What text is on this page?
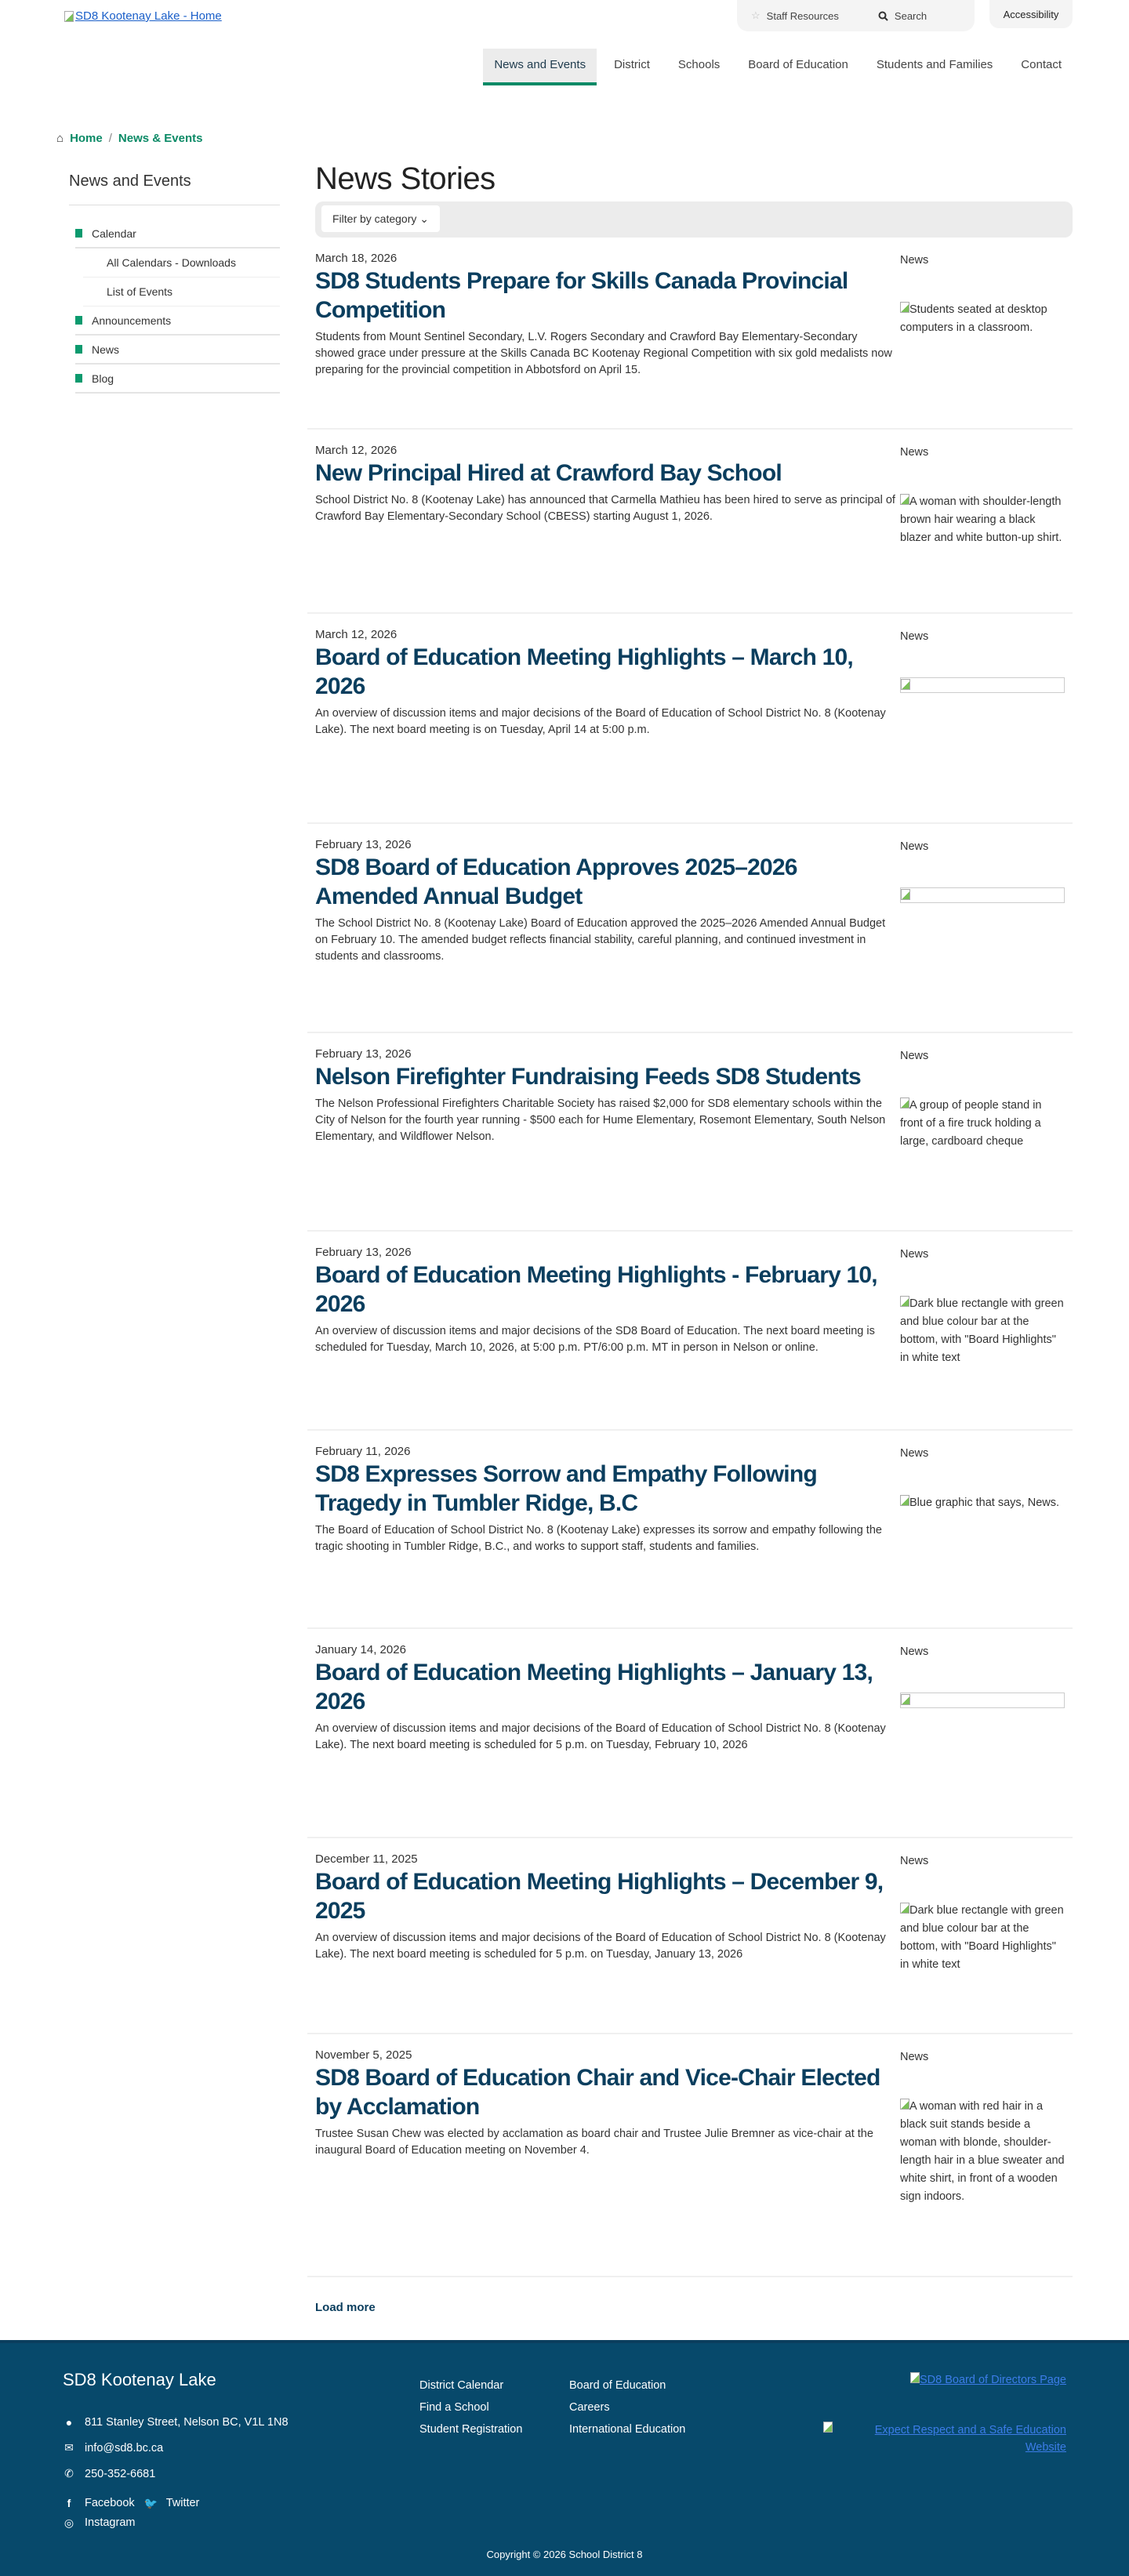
SD8 Kootenay Lake - Home	☆ Staff Resources	Search	Accessibility
News and Events	District	Schools	Board of Education	Students and Families	Contact
⌂ Home / News & Events
News and Events
Calendar
All Calendars - Downloads
List of Events
Announcements
News
Blog
News Stories
Filter by category ⌄
March 18, 2026
SD8 Students Prepare for Skills Canada Provincial Competition

Students from Mount Sentinel Secondary, L.V. Rogers Secondary and Crawford Bay Elementary-Secondary showed grace under pressure at the Skills Canada BC Kootenay Regional Competition with six gold medalists now preparing for the provincial competition in Abbotsford on April 15.

News
Students seated at desktop computers in a classroom.
March 12, 2026
New Principal Hired at Crawford Bay School

School District No. 8 (Kootenay Lake) has announced that Carmella Mathieu has been hired to serve as principal of Crawford Bay Elementary-Secondary School (CBESS) starting August 1, 2026.

News
A woman with shoulder-length brown hair wearing a black blazer and white button-up shirt.
March 12, 2026
Board of Education Meeting Highlights – March 10, 2026

An overview of discussion items and major decisions of the Board of Education of School District No. 8 (Kootenay Lake). The next board meeting is on Tuesday, April 14 at 5:00 p.m.

News
February 13, 2026
SD8 Board of Education Approves 2025–2026 Amended Annual Budget

The School District No. 8 (Kootenay Lake) Board of Education approved the 2025–2026 Amended Annual Budget on February 10. The amended budget reflects financial stability, careful planning, and continued investment in students and classrooms.

News
February 13, 2026
Nelson Firefighter Fundraising Feeds SD8 Students

The Nelson Professional Firefighters Charitable Society has raised $2,000 for SD8 elementary schools within the City of Nelson for the fourth year running - $500 each for Hume Elementary, Rosemont Elementary, South Nelson Elementary, and Wildflower Nelson.

News
A group of people stand in front of a fire truck holding a large, cardboard cheque
February 13, 2026
Board of Education Meeting Highlights - February 10, 2026

An overview of discussion items and major decisions of the SD8 Board of Education. The next board meeting is scheduled for Tuesday, March 10, 2026, at 5:00 p.m. PT/6:00 p.m. MT in person in Nelson or online.

News
Dark blue rectangle with green and blue colour bar at the bottom, with "Board Highlights" in white text
February 11, 2026
SD8 Expresses Sorrow and Empathy Following Tragedy in Tumbler Ridge, B.C

The Board of Education of School District No. 8 (Kootenay Lake) expresses its sorrow and empathy following the tragic shooting in Tumbler Ridge, B.C., and works to support staff, students and families.

News
Blue graphic that says, News.
January 14, 2026
Board of Education Meeting Highlights – January 13, 2026

An overview of discussion items and major decisions of the Board of Education of School District No. 8 (Kootenay Lake). The next board meeting is scheduled for 5 p.m. on Tuesday, February 10, 2026

News
December 11, 2025
Board of Education Meeting Highlights – December 9, 2025

An overview of discussion items and major decisions of the Board of Education of School District No. 8 (Kootenay Lake). The next board meeting is scheduled for 5 p.m. on Tuesday, January 13, 2026

News
Dark blue rectangle with green and blue colour bar at the bottom, with "Board Highlights" in white text
November 5, 2025
SD8 Board of Education Chair and Vice-Chair Elected by Acclamation

Trustee Susan Chew was elected by acclamation as board chair and Trustee Julie Bremner as vice-chair at the inaugural Board of Education meeting on November 4.

News
A woman with red hair in a black suit stands beside a woman with blonde, shoulder-length hair in a blue sweater and white shirt, in front of a wooden sign indoors.
Load more
SD8 Kootenay Lake
● 811 Stanley Street, Nelson BC, V1L 1N8
✉ info@sd8.bc.ca
✆ 250-352-6681
f	Facebook 🐦 Twitter
◎ Instagram
District Calendar
Find a School
Student Registration
Board of Education
Careers
International Education
SD8 Board of Directors Page
Expect Respect and a Safe Education Website
Copyright © 2026 School District 8
